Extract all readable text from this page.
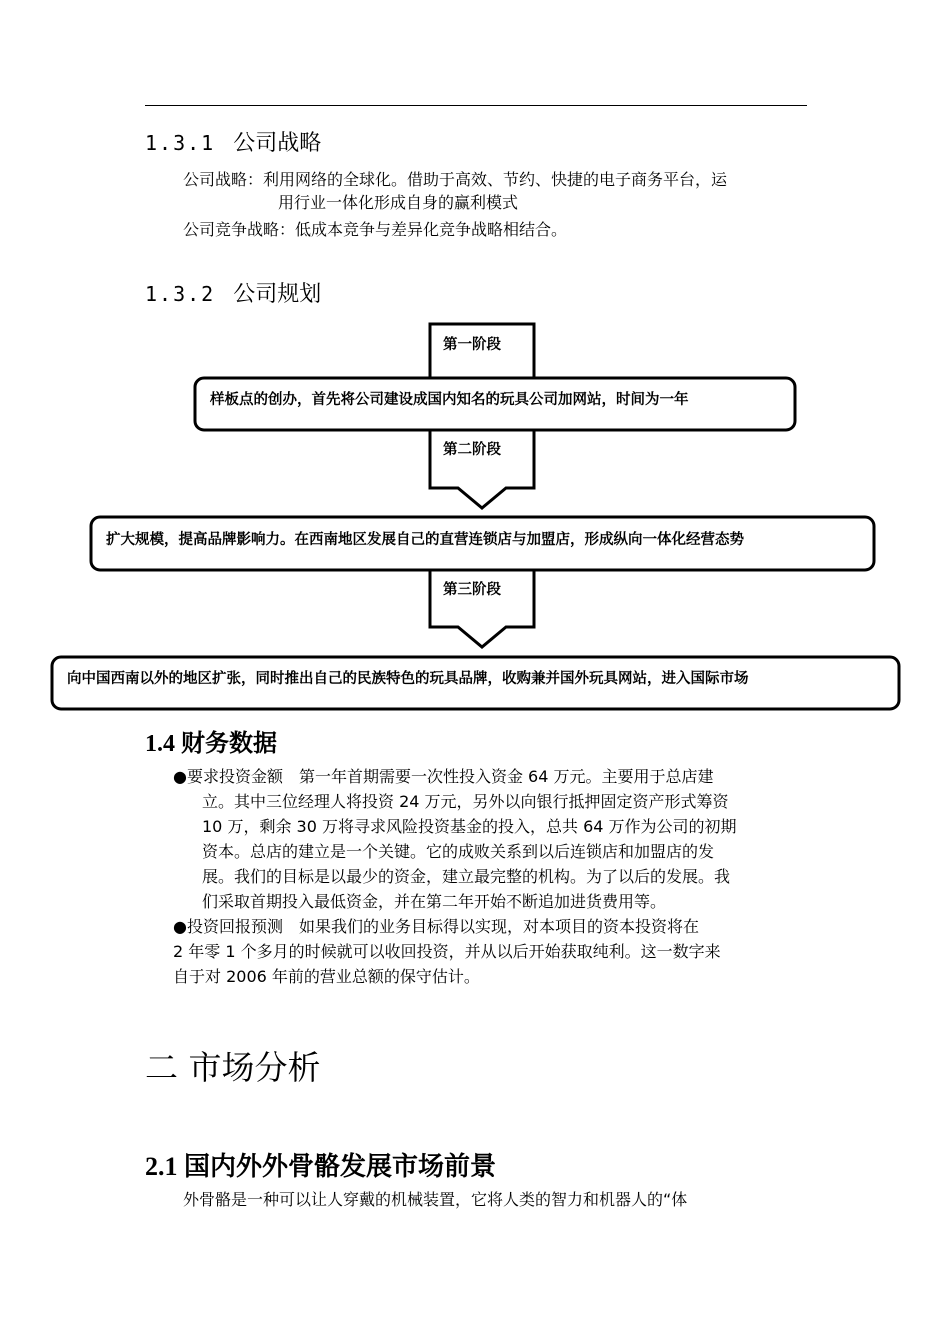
1.3.1 公司战略
公司战略：利用网络的全球化。借助于高效、节约、快捷的电子商务平台，运
用行业一体化形成自身的赢利模式
公司竞争战略：低成本竞争与差异化竞争战略相结合。
1.3.2 公司规划
第一阶段
样板点的创办，首先将公司建设成国内知名的玩具公司加网站，时间为一年
第二阶段
扩大规模，提高品牌影响力。在西南地区发展自己的直营连锁店与加盟店，形成纵向一体化经营态势
第三阶段
向中国西南以外的地区扩张，同时推出自己的民族特色的玩具品牌，收购兼并国外玩具网站，进入国际市场
1.4 财务数据
●要求投资金额　第一年首期需要一次性投入资金 64 万元。主要用于总店建
立。其中三位经理人将投资 24 万元，另外以向银行抵押固定资产形式筹资
10 万，剩余 30 万将寻求风险投资基金的投入，总共 64 万作为公司的初期
资本。总店的建立是一个关键。它的成败关系到以后连锁店和加盟店的发
展。我们的目标是以最少的资金，建立最完整的机构。为了以后的发展。我
们采取首期投入最低资金，并在第二年开始不断追加进货费用等。
●投资回报预测　如果我们的业务目标得以实现，对本项目的资本投资将在
2 年零 1 个多月的时候就可以收回投资，并从以后开始获取纯利。这一数字来
自于对 2006 年前的营业总额的保守估计。
二 市场分析
2.1 国内外外骨骼发展市场前景
外骨骼是一种可以让人穿戴的机械装置，它将人类的智力和机器人的“体
